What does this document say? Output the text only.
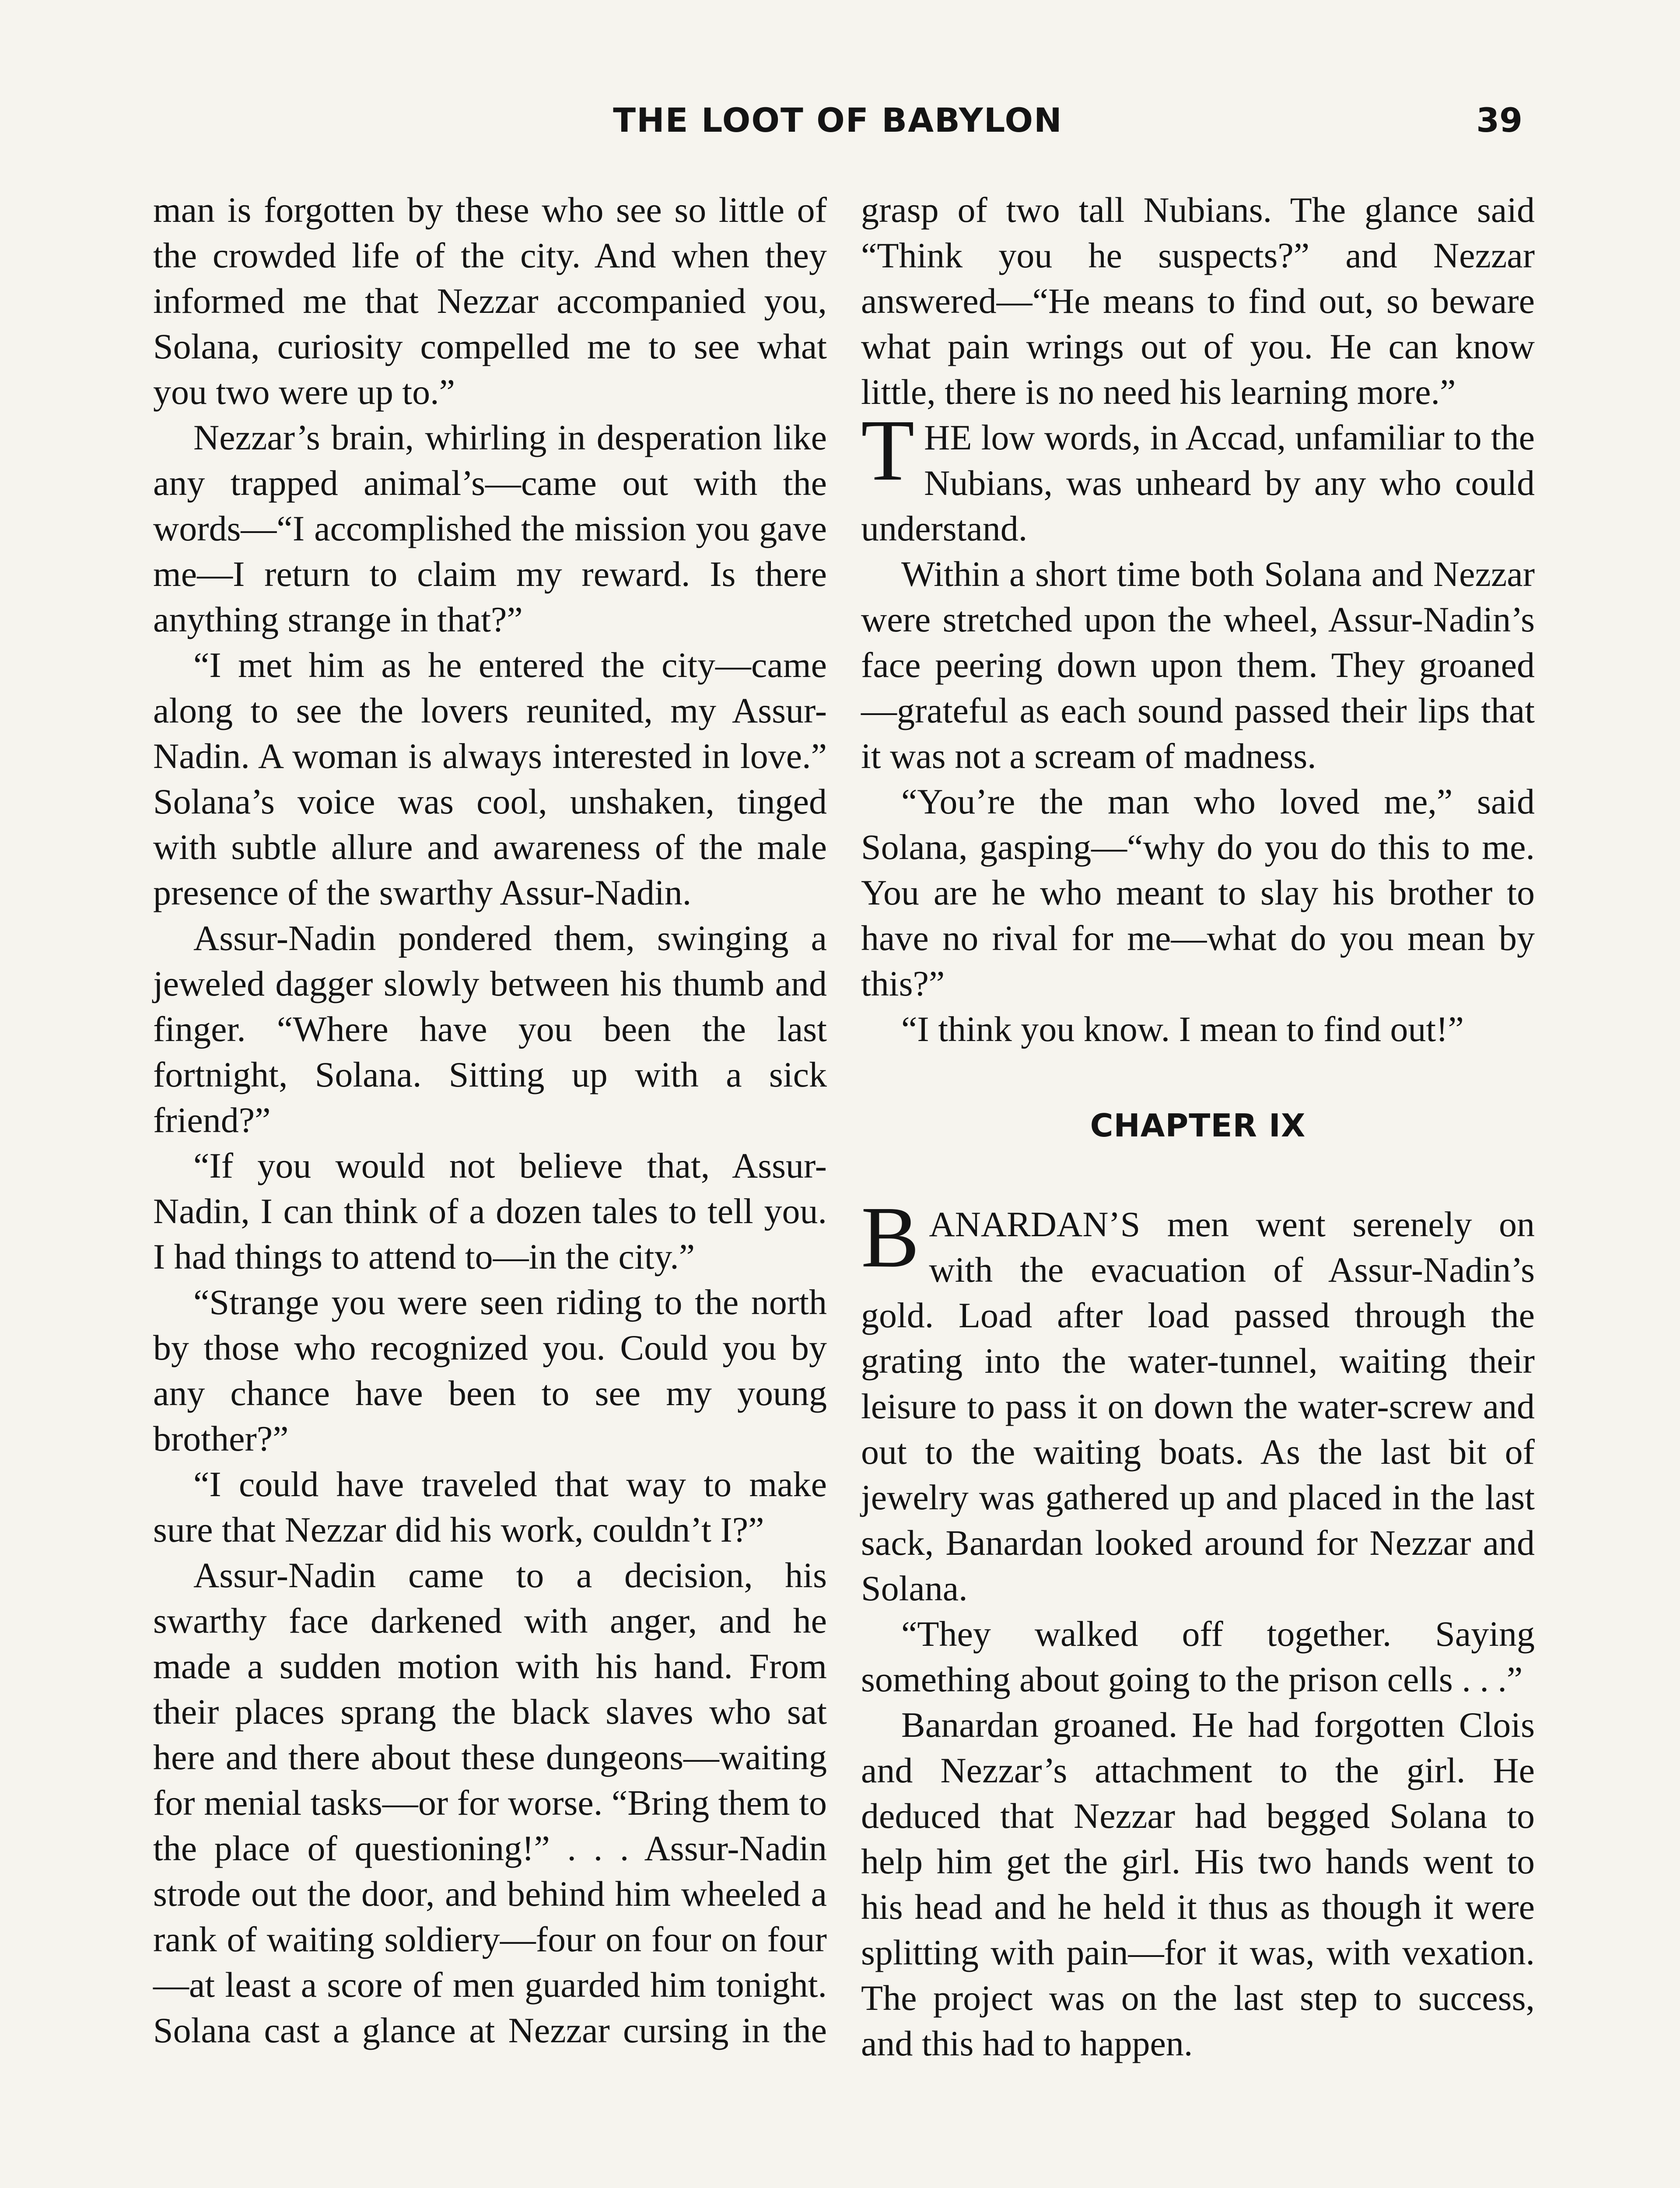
THE LOOT OF BABYLON	39

man is forgotten by these who see so little of the crowded life of the city. And when they informed me that Nezzar accompanied you, Solana, curiosity compelled me to see what you two were up to.”

Nezzar’s brain, whirling in desperation like any trapped animal’s—came out with the words—“I accomplished the mission you gave me—I return to claim my reward. Is there anything strange in that?”

“I met him as he entered the city—came along to see the lovers reunited, my Assur-Nadin. A woman is always interested in love.” Solana’s voice was cool, unshaken, tinged with subtle allure and awareness of the male presence of the swarthy Assur-Nadin.

Assur-Nadin pondered them, swinging a jeweled dagger slowly between his thumb and finger. “Where have you been the last fortnight, Solana. Sitting up with a sick friend?”

“If you would not believe that, Assur-Nadin, I can think of a dozen tales to tell you. I had things to attend to—in the city.”

“Strange you were seen riding to the north by those who recognized you. Could you by any chance have been to see my young brother?”

“I could have traveled that way to make sure that Nezzar did his work, couldn’t I?”

Assur-Nadin came to a decision, his swarthy face darkened with anger, and he made a sudden motion with his hand. From their places sprang the black slaves who sat here and there about these dungeons—waiting for menial tasks—or for worse. “Bring them to the place of questioning!” . . . Assur-Nadin strode out the door, and behind him wheeled a rank of waiting soldiery—four on four on four—at least a score of men guarded him tonight. Solana cast a glance at Nezzar cursing in the

grasp of two tall Nubians. The glance said “Think you he suspects?” and Nezzar answered—“He means to find out, so beware what pain wrings out of you. He can know little, there is no need his learning more.”

THE low words, in Accad, unfamiliar to the Nubians, was unheard by any who could understand.

Within a short time both Solana and Nezzar were stretched upon the wheel, Assur-Nadin’s face peering down upon them. They groaned—grateful as each sound passed their lips that it was not a scream of madness.

“You’re the man who loved me,” said Solana, gasping—“why do you do this to me. You are he who meant to slay his brother to have no rival for me—what do you mean by this?”

“I think you know. I mean to find out!”

CHAPTER IX

BANARDAN’S men went serenely on with the evacuation of Assur-Nadin’s gold. Load after load passed through the grating into the water-tunnel, waiting their leisure to pass it on down the water-screw and out to the waiting boats. As the last bit of jewelry was gathered up and placed in the last sack, Banardan looked around for Nezzar and Solana.

“They walked off together. Saying something about going to the prison cells . . .”

Banardan groaned. He had forgotten Clois and Nezzar’s attachment to the girl. He deduced that Nezzar had begged Solana to help him get the girl. His two hands went to his head and he held it thus as though it were splitting with pain—for it was, with vexation. The project was on the last step to success, and this had to happen.
